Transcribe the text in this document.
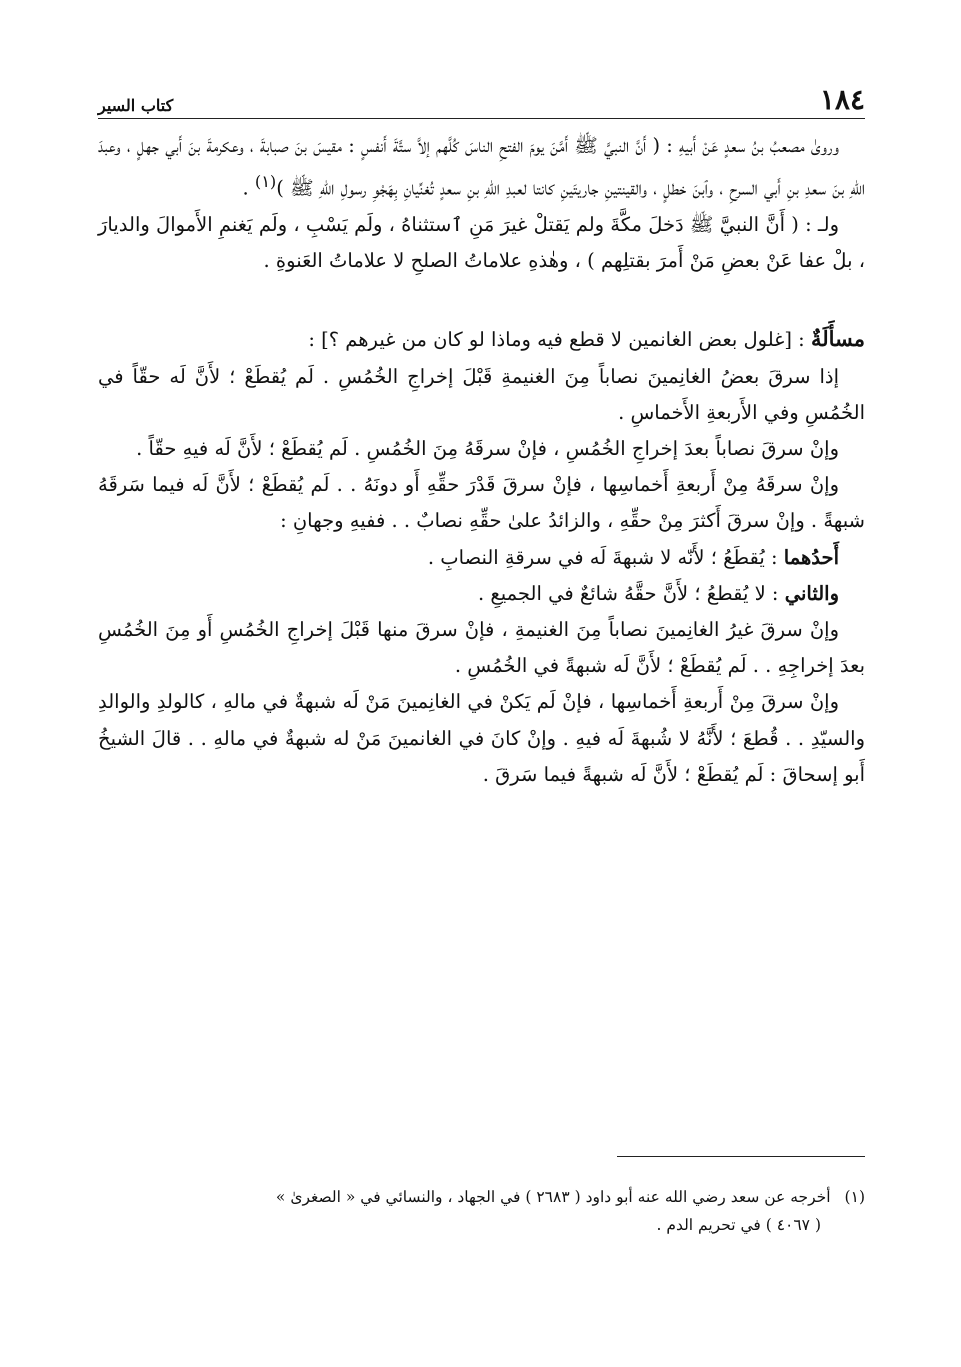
١٨٤
كتاب السير

وروىٰ مصعبُ بنُ سعدٍ عَنْ أَبيهِ : ( أَنَّ النبيَّ ﷺ أَمَّنَ يومَ الفتحِ الناسَ كُلَّهم إلاَّ ستَّةَ أَنفسٍ : مقيسَ بنَ صبابةَ ، وعكرمةَ بنَ أَبي جهلٍ ، وعبدَ اللهِ بنَ سعدِ بنِ أَبي السرحِ ، وٱبنَ خطلٍ ، والقينتينِ جاريتَينِ كانتا لعبدِ اللهِ بنِ سعدٍ تُغنِّيانِ بِهَجْوِ رسولِ اللهِ ﷺ )$^{(١)}$ .

ولـ : ( أَنَّ النبيَّ ﷺ دَخلَ مكَّةَ ولم يَقتلْ غيرَ مَنِ ٱستثناهُ ، ولَم يَسْبِ ، ولَم يَغنمِ الأَموالَ والديارَ ، بلْ عفا عَنْ بعضِ مَنْ أَمرَ بقتلِهم ) ، وهٰذهِ علاماتُ الصلحِ لا علاماتُ العَنوةِ .

مسأَلَةٌ : [غلول بعض الغانمين لا قطع فيه وماذا لو كان من غيرهم ؟] :

إذا سرقَ بعضُ الغانِمينَ نصاباً مِنَ الغنيمةِ قَبْلَ إخراجِ الخُمُسِ . لَم يُقطَعْ ؛ لأَنَّ لَه حقّاً في الخُمُسِ وفي الأَربعةِ الأَخماسِ .

وإنْ سرقَ نصاباً بعدَ إخراجِ الخُمُسِ ، فإنْ سرقَهُ مِنَ الخُمُسِ . لَم يُقطَعْ ؛ لأَنَّ لَه فيهِ حقّاً .

وإنْ سرقَهُ مِنْ أَربعةِ أَخماسِها ، فإنْ سرقَ قَدْرَ حقِّهِ أَو دونَهُ . . لَم يُقطَعْ ؛ لأَنَّ لَه فيما سَرقَهُ شبهةً . وإنْ سرقَ أَكثرَ مِنْ حقِّهِ ، والزائدُ علىٰ حقِّهِ نصابٌ . . ففيهِ وجهانِ :

أَحدُهما : يُقطَعُ ؛ لأَنّه لا شبهةَ لَه في سرقةِ النصابِ .

والثاني : لا يُقطعُ ؛ لأَنَّ حقَّهُ شائعٌ في الجميعِ .

وإنْ سرقَ غيرُ الغانِمينَ نصاباً مِنَ الغنيمةِ ، فإنْ سرقَ منها قَبْلَ إخراجِ الخُمُسِ أَو مِنَ الخُمُسِ بعدَ إخراجِهِ . . لَم يُقطَعْ ؛ لأَنَّ لَه شبهةً في الخُمُسِ .

وإنْ سرقَ مِنْ أَربعةِ أَخماسِها ، فإنْ لَم يَكنْ في الغانِمينَ مَنْ لَه شبهةٌ في مالهِ ، كالولدِ والوالدِ والسيّدِ . . قُطعَ ؛ لأَنَّهُ لا شُبهةَ لَه فيهِ . وإنْ كانَ في الغانمينَ مَنْ له شبهةٌ في مالهِ . . قالَ الشيخُ أَبو إسحاقَ : لَم يُقطَعْ ؛ لأَنَّ لَه شبهةً فيما سَرقَ .

(١)أخرجه عن سعد رضي الله عنه أبو داود ( ٢٦٨٣ ) في الجهاد ، والنسائي في « الصغرىٰ »
( ٤٠٦٧ ) في تحريم الدم .
